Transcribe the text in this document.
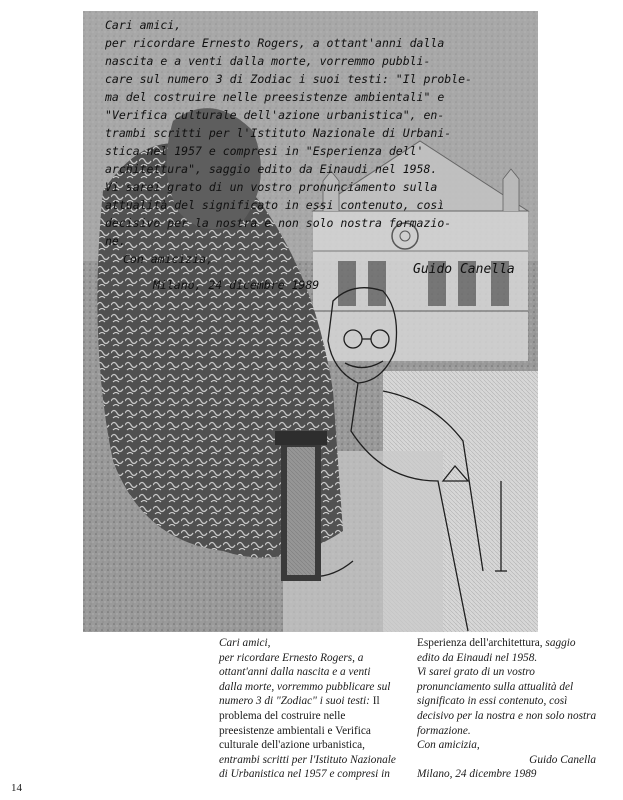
Cari amici,
per ricordare Ernesto Rogers, a ottant'anni dalla
nascita e a venti dalla morte, vorremmo pubbli-
care sul numero 3 di Zodiac i suoi testi: "Il proble-
ma del costruire nelle preesistenze ambientali" e
"Verifica culturale dell'azione urbanistica", en-
trambi scritti per l'Istituto Nazionale di Urbani-
stica nel 1957 e compresi in "Esperienza dell'
architettura", saggio edito da Einaudi nel 1958.
Vi sarei grato di un vostro pronunciamento sulla
attualità del significato in essi contenuto, così
decisivo per la nostra e non solo nostra formazio-
ne.
Con amicizia,
Guido Canella
Milano, 24 dicembre 1989
Cari amici,
per ricordare Ernesto Rogers, a
ottant'anni dalla nascita e a venti
dalla morte, vorremmo pubblicare sul
numero 3 di "Zodiac" i suoi testi: Il
problema del costruire nelle
preesistenze ambientali e Verifica
culturale dell'azione urbanistica,
entrambi scritti per l'Istituto Nazionale
di Urbanistica nel 1957 e compresi in
Esperienza dell'architettura, saggio
edito da Einaudi nel 1958.
Vi sarei grato di un vostro
pronunciamento sulla attualità del
significato in essi contenuto, così
decisivo per la nostra e non solo nostra
formazione.
Con amicizia,
Guido Canella
Milano, 24 dicembre 1989
14
